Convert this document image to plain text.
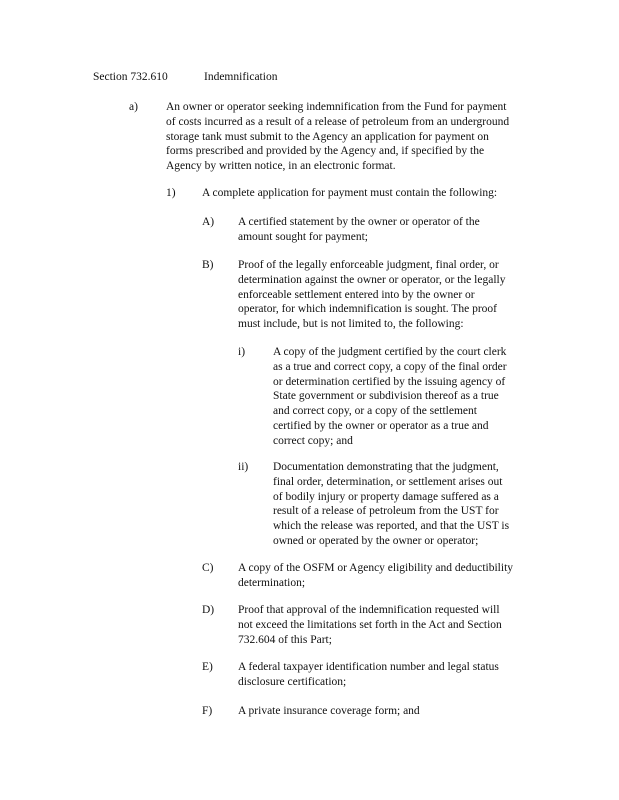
Section 732.610	Indemnification
a) An owner or operator seeking indemnification from the Fund for payment
of costs incurred as a result of a release of petroleum from an underground
storage tank must submit to the Agency an application for payment on
forms prescribed and provided by the Agency and, if specified by the
Agency by written notice, in an electronic format.
1) A complete application for payment must contain the following:
A) A certified statement by the owner or operator of the
amount sought for payment;
B) Proof of the legally enforceable judgment, final order, or
determination against the owner or operator, or the legally
enforceable settlement entered into by the owner or
operator, for which indemnification is sought. The proof
must include, but is not limited to, the following:
i) A copy of the judgment certified by the court clerk
as a true and correct copy, a copy of the final order
or determination certified by the issuing agency of
State government or subdivision thereof as a true
and correct copy, or a copy of the settlement
certified by the owner or operator as a true and
correct copy; and
ii) Documentation demonstrating that the judgment,
final order, determination, or settlement arises out
of bodily injury or property damage suffered as a
result of a release of petroleum from the UST for
which the release was reported, and that the UST is
owned or operated by the owner or operator;
C) A copy of the OSFM or Agency eligibility and deductibility
determination;
D) Proof that approval of the indemnification requested will
not exceed the limitations set forth in the Act and Section
732.604 of this Part;
E) A federal taxpayer identification number and legal status
disclosure certification;
F) A private insurance coverage form; and
